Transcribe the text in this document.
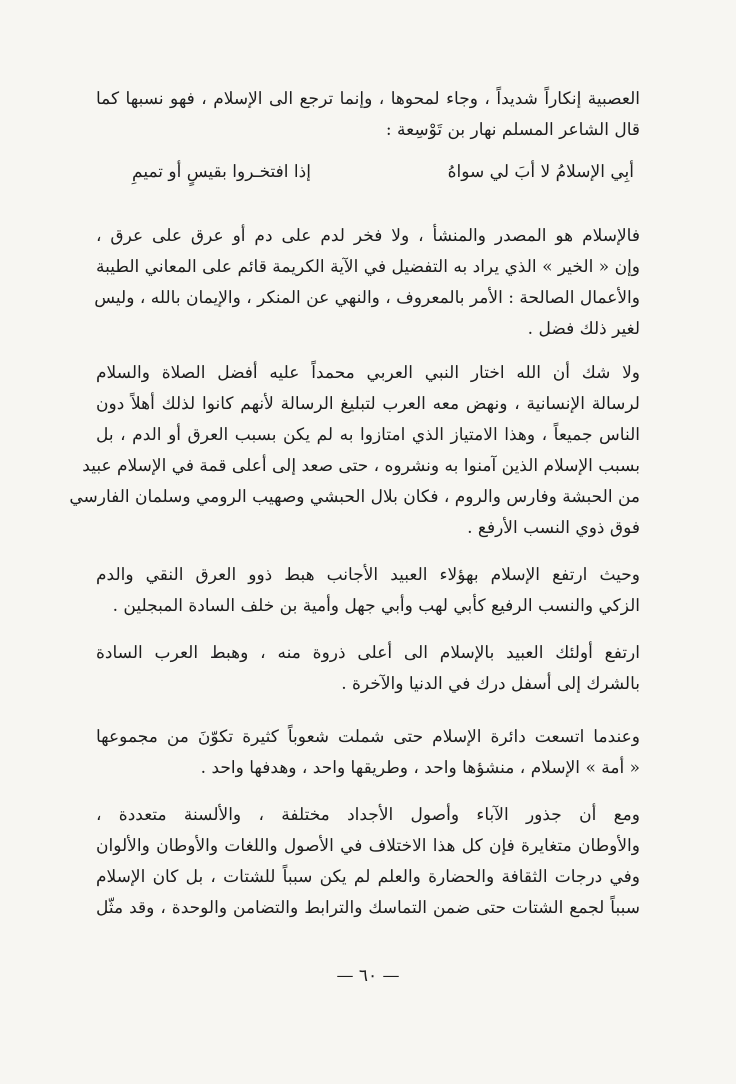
العصبية إنكاراً شديداً ، وجاء لمحوها ، وإنما ترجع الى الإسلام ، فهو نسبها كما
قال الشاعر المسلم نهار بن تَوْسِعة :
أبِي الإسلامُ لا أبَ لي سواهُ
إذا افتخـروا بقيسٍ أو تميمِ
فالإسلام هو المصدر والمنشأ ، ولا فخر لدم على دم أو عرق على عرق ،
وإن « الخير » الذي يراد به التفضيل في الآية الكريمة قائم على المعاني الطيبة
والأعمال الصالحة : الأمر بالمعروف ، والنهي عن المنكر ، والإيمان بالله ، وليس
لغير ذلك فضل .
ولا شك أن الله اختار النبي العربي محمداً عليه أفضل الصلاة والسلام
لرسالة الإنسانية ، ونهض معه العرب لتبليغ الرسالة لأنهم كانوا لذلك أهلاً دون
الناس جميعاً ، وهذا الامتياز الذي امتازوا به لم يكن بسبب العرق أو الدم ، بل
بسبب الإسلام الذين آمنوا به ونشروه ، حتى صعد إلى أعلى قمة في الإسلام عبيد
من الحبشة وفارس والروم ، فكان بلال الحبشي وصهيب الرومي وسلمان الفارسي
فوق ذوي النسب الأرفع .
وحيث ارتفع الإسلام بهؤلاء العبيد الأجانب هبط ذوو العرق النقي والدم
الزكي والنسب الرفيع كأبي لهب وأبي جهل وأمية بن خلف السادة المبجلين .
ارتفع أولئك العبيد بالإسلام الى أعلى ذروة منه ، وهبط العرب السادة
بالشرك إلى أسفل درك في الدنيا والآخرة .
وعندما اتسعت دائرة الإسلام حتى شملت شعوباً كثيرة تكوّنَ من مجموعها
« أمة » الإسلام ، منشؤها واحد ، وطريقها واحد ، وهدفها واحد .
ومع أن جذور الآباء وأصول الأجداد مختلفة ، والألسنة متعددة ،
والأوطان متغايرة فإن كل هذا الاختلاف في الأصول واللغات والأوطان والألوان
وفي درجات الثقافة والحضارة والعلم لم يكن سبباً للشتات ، بل كان الإسلام
سبباً لجمع الشتات حتى ضمن التماسك والترابط والتضامن والوحدة ، وقد مثّل
— ٦٠ —
